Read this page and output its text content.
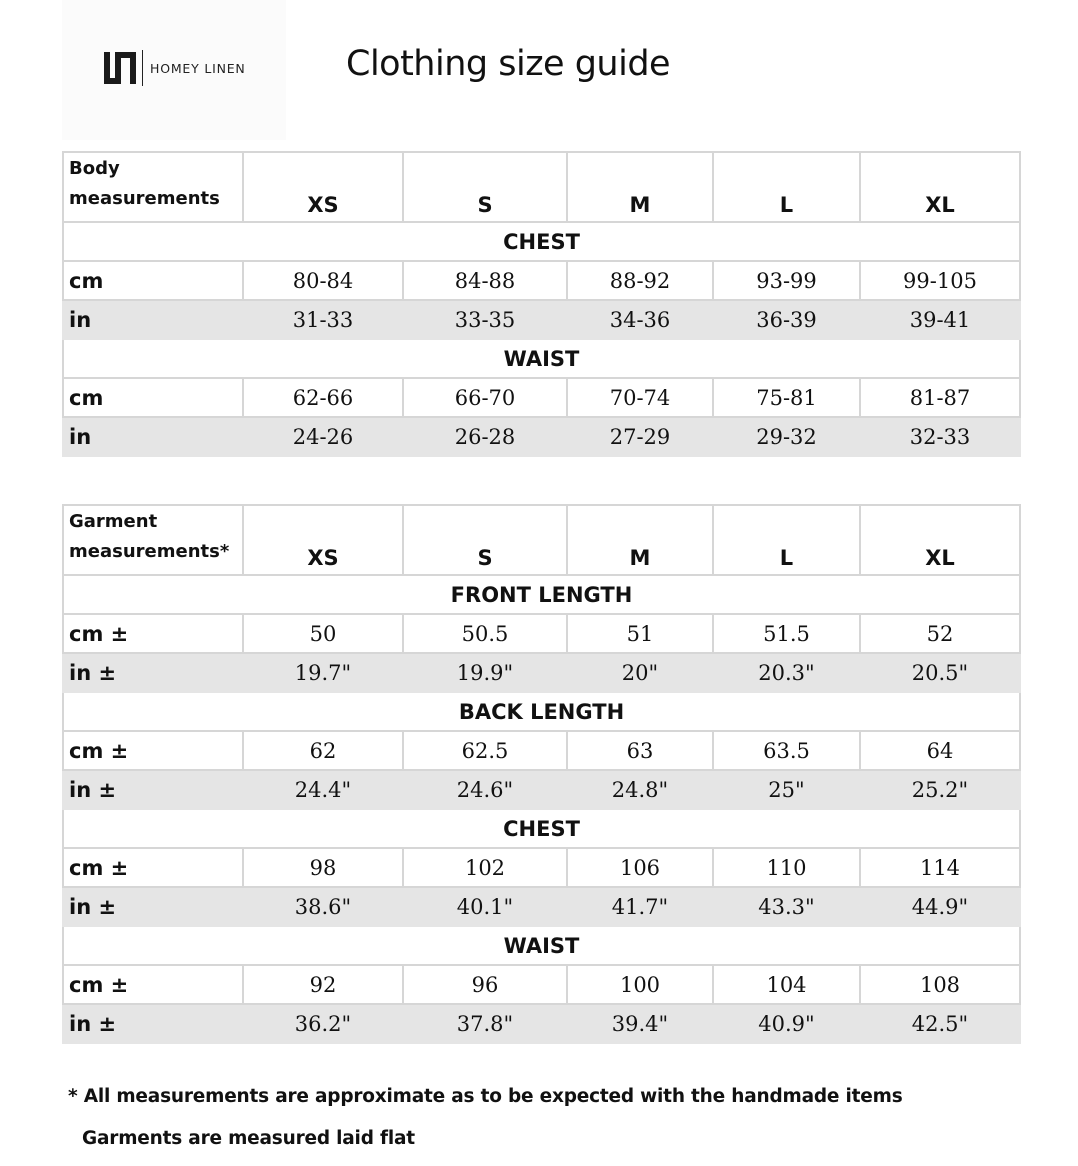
HOMEY LINEN	Clothing size guide
Body
measurements	XS	S	M	L	XL
CHEST					
cm	80-84	84-88	88-92	93-99	99-105
in	31-33	33-35	34-36	36-39	39-41
WAIST					
cm	62-66	66-70	70-74	75-81	81-87
in	24-26	26-28	27-29	29-32	32-33
Garment
measurements*	XS	S	M	L	XL
FRONT LENGTH					
cm ±	50	50.5	51	51.5	52
in ±	19.7"	19.9"	20"	20.3"	20.5"
BACK LENGTH					
cm ±	62	62.5	63	63.5	64
in ±	24.4"	24.6"	24.8"	25"	25.2"
CHEST					
cm ±	98	102	106	110	114
in ±	38.6"	40.1"	41.7"	43.3"	44.9"
WAIST					
cm ±	92	96	100	104	108
in ±	36.2"	37.8"	39.4"	40.9"	42.5"
* All measurements are approximate as to be expected with the handmade items
Garments are measured laid flat
